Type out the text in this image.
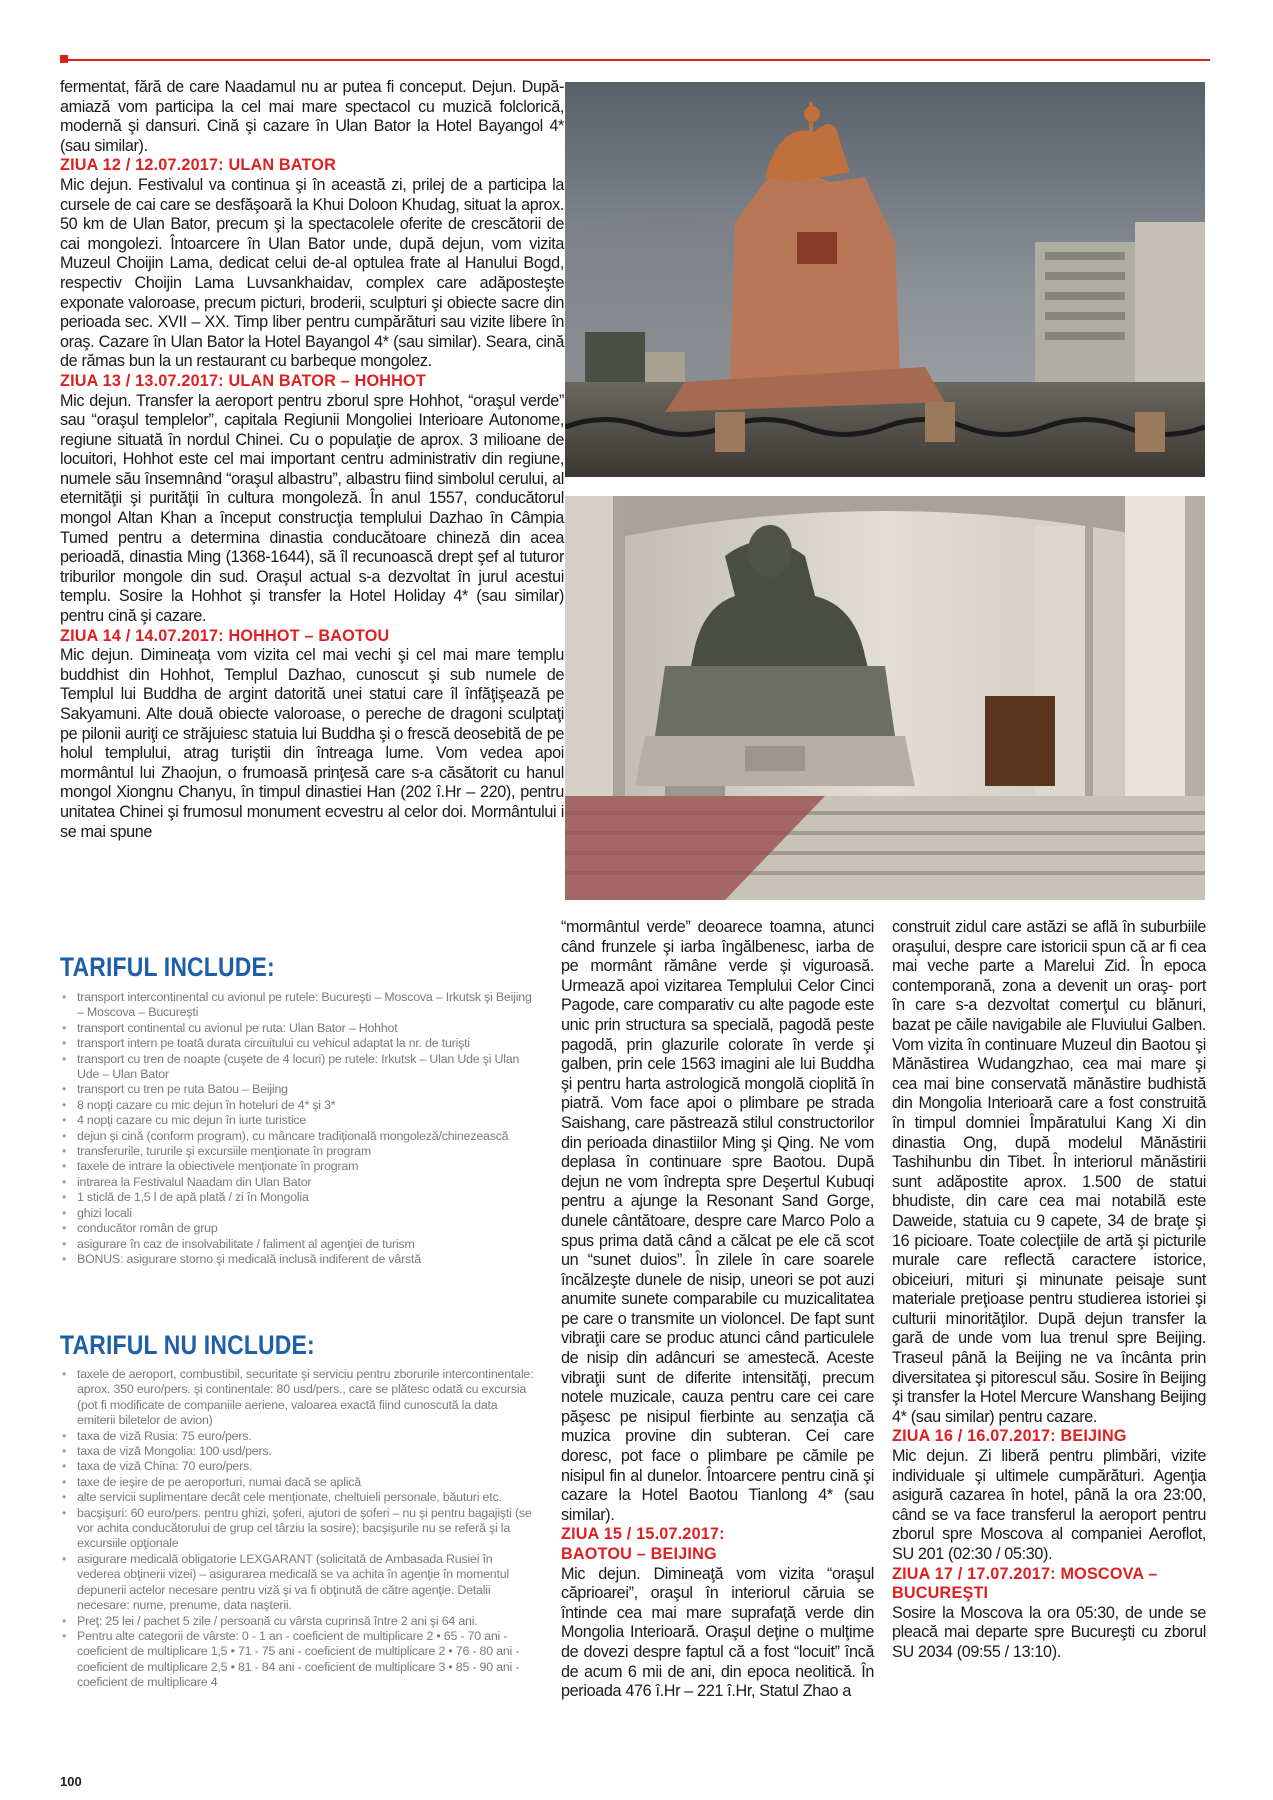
fermentat, fără de care Naadamul nu ar putea fi conceput. Dejun. După-amiază vom participa la cel mai mare spectacol cu muzică folclorică, modernă şi dansuri. Cină şi cazare în Ulan Bator la Hotel Bayangol 4* (sau similar).

ZIUA 12 / 12.07.2017: ULAN BATOR

Mic dejun. Festivalul va continua şi în această zi, prilej de a participa la cursele de cai care se desfăşoară la Khui Doloon Khudag, situat la aprox. 50 km de Ulan Bator, precum şi la spectacolele oferite de crescătorii de cai mongolezi. Întoarcere în Ulan Bator unde, după dejun, vom vizita Muzeul Choijin Lama, dedicat celui de-al optulea frate al Hanului Bogd, respectiv Choijin Lama Luvsankhaidav, complex care adăposteşte exponate valoroase, precum picturi, broderii, sculpturi şi obiecte sacre din perioada sec. XVII – XX. Timp liber pentru cumpărături sau vizite libere în oraş. Cazare în Ulan Bator la Hotel Bayangol 4* (sau similar). Seara, cină de rămas bun la un restaurant cu barbeque mongolez.

ZIUA 13 / 13.07.2017: ULAN BATOR – HOHHOT

Mic dejun. Transfer la aeroport pentru zborul spre Hohhot, “oraşul verde” sau “oraşul templelor”, capitala Regiunii Mongoliei Interioare Autonome, regiune situată în nordul Chinei. Cu o populaţie de aprox. 3 milioane de locuitori, Hohhot este cel mai important centru administrativ din regiune, numele său însemnând “oraşul albastru”, albastru fiind simbolul cerului, al eternităţii şi purităţii în cultura mongoleză. În anul 1557, conducătorul mongol Altan Khan a început construcţia templului Dazhao în Câmpia Tumed pentru a determina dinastia conducătoare chineză din acea perioadă, dinastia Ming (1368-1644), să îl recunoască drept şef al tuturor triburilor mongole din sud. Oraşul actual s-a dezvoltat în jurul acestui templu. Sosire la Hohhot şi transfer la Hotel Holiday 4* (sau similar) pentru cină şi cazare.

ZIUA 14 / 14.07.2017: HOHHOT – BAOTOU

Mic dejun. Dimineaţa vom vizita cel mai vechi şi cel mai mare templu buddhist din Hohhot, Templul Dazhao, cunoscut şi sub numele de Templul lui Buddha de argint datorită unei statui care îl înfăţişează pe Sakyamuni. Alte două obiecte valoroase, o pereche de dragoni sculptaţi pe pilonii auriţi ce străjuiesc statuia lui Buddha şi o frescă deosebită de pe holul templului, atrag turiştii din întreaga lume. Vom vedea apoi mormântul lui Zhaojun, o frumoasă prinţesă care s-a căsătorit cu hanul mongol Xiongnu Chanyu, în timpul dinastiei Han (202 î.Hr – 220), pentru unitatea Chinei şi frumosul monument ecvestru al celor doi. Mormântului i se mai spune

TARIFUL INCLUDE:
• transport intercontinental cu avionul pe rutele: Bucureşti – Moscova – Irkutsk şi Beijing – Moscova – Bucureşti
• transport continental cu avionul pe ruta: Ulan Bator – Hohhot
• transport intern pe toată durata circuitului cu vehicul adaptat la nr. de turişti
• transport cu tren de noapte (cuşete de 4 locuri) pe rutele: Irkutsk – Ulan Ude şi Ulan Ude – Ulan Bator
• transport cu tren pe ruta Batou – Beijing
• 8 nopţi cazare cu mic dejun în hoteluri de 4* şi 3*
• 4 nopţi cazare cu mic dejun în iurte turistice
• dejun şi cină (conform program), cu mâncare tradiţională mongoleză/chinezească
• transferurile, tururile şi excursiile menţionate în program
• taxele de intrare la obiectivele menţionate în program
• intrarea la Festivalul Naadam din Ulan Bator
• 1 sticlă de 1,5 l de apă plată / zi în Mongolia
• ghizi locali
• conducător român de grup
• asigurare în caz de insolvabilitate / faliment al agenţiei de turism
• BONUS: asigurare storno şi medicală inclusă indiferent de vârstă
TARIFUL NU INCLUDE:
• taxele de aeroport, combustibil, securitate şi serviciu pentru zborurile intercontinentale: aprox. 350 euro/pers. şi continentale: 80 usd/pers., care se plătesc odată cu excursia (pot fi modificate de companiile aeriene, valoarea exactă fiind cunoscută la data emiterii biletelor de avion)
• taxa de viză Rusia: 75 euro/pers.
• taxa de viză Mongolia: 100 usd/pers.
• taxa de viză China: 70 euro/pers.
• taxe de ieşire de pe aeroporturi, numai dacă se aplică
• alte servicii suplimentare decât cele menţionate, cheltuieli personale, băuturi etc.
• bacşişuri: 60 euro/pers. pentru ghizi, şoferi, ajutori de şoferi – nu şi pentru bagajişti (se vor achita conducătorului de grup cel târziu la sosire); bacşişurile nu se referă şi la excursiile opţionale
• asigurare medicală obligatorie LEXGARANT (solicitată de Ambasada Rusiei în vederea obţinerii vizei) – asigurarea medicală se va achita în agenţie în momentul depunerii actelor necesare pentru viză şi va fi obţinută de către agenţie. Detalii necesare: nume, prenume, data naşterii.
• Preţ: 25 lei / pachet 5 zile / persoană cu vârsta cuprinsă între 2 ani şi 64 ani.
• Pentru alte categorii de vârste: 0 - 1 an - coeficient de multiplicare 2 • 65 - 70 ani - coeficient de multiplicare 1,5 • 71 - 75 ani - coeficient de multiplicare 2 • 76 - 80 ani - coeficient de multiplicare 2,5 • 81 - 84 ani - coeficient de multiplicare 3 • 85 - 90 ani - coeficient de multiplicare 4

“mormântul verde” deoarece toamna, atunci când frunzele şi iarba îngălbenesc, iarba de pe mormânt rămâne verde şi viguroasă. Urmează apoi vizitarea Templului Celor Cinci Pagode, care comparativ cu alte pagode este unic prin structura sa specială, pagodă peste pagodă, prin glazurile colorate în verde şi galben, prin cele 1563 imagini ale lui Buddha şi pentru harta astrologică mongolă cioplită în piatră. Vom face apoi o plimbare pe strada Saishang, care păstrează stilul constructorilor din perioada dinastiilor Ming şi Qing. Ne vom deplasa în continuare spre Baotou. După dejun ne vom îndrepta spre Deşertul Kubuqi pentru a ajunge la Resonant Sand Gorge, dunele cântătoare, despre care Marco Polo a spus prima dată când a călcat pe ele că scot un “sunet duios”. În zilele în care soarele încălzeşte dunele de nisip, uneori se pot auzi anumite sunete comparabile cu muzicalitatea pe care o transmite un violoncel. De fapt sunt vibraţii care se produc atunci când particulele de nisip din adâncuri se amestecă. Aceste vibraţii sunt de diferite intensităţi, precum notele muzicale, cauza pentru care cei care păşesc pe nisipul fierbinte au senzaţia că muzica provine din subteran. Cei care doresc, pot face o plimbare pe cămile pe nisipul fin al dunelor. Întoarcere pentru cină şi cazare la Hotel Baotou Tianlong 4* (sau similar).

ZIUA 15 / 15.07.2017:

BAOTOU – BEIJING

Mic dejun. Dimineaţă vom vizita “oraşul căprioarei”, oraşul în interiorul căruia se întinde cea mai mare suprafaţă verde din Mongolia Interioară. Oraşul deţine o mulţime de dovezi despre faptul că a fost “locuit” încă de acum 6 mii de ani, din epoca neolitică. În perioada 476 î.Hr – 221 î.Hr, Statul Zhao a

construit zidul care astăzi se află în suburbiile oraşului, despre care istoricii spun că ar fi cea mai veche parte a Marelui Zid. În epoca contemporană, zona a devenit un oraş- port în care s-a dezvoltat comerţul cu blănuri, bazat pe căile navigabile ale Fluviului Galben. Vom vizita în continuare Muzeul din Baotou şi Mănăstirea Wudangzhao, cea mai mare şi cea mai bine conservată mănăstire budhistă din Mongolia Interioară care a fost construită în timpul domniei Împăratului Kang Xi din dinastia Ong, după modelul Mănăstirii Tashihunbu din Tibet. În interiorul mănăstirii sunt adăpostite aprox. 1.500 de statui bhudiste, din care cea mai notabilă este Daweide, statuia cu 9 capete, 34 de braţe şi 16 picioare. Toate colecţiile de artă şi picturile murale care reflectă caractere istorice, obiceiuri, mituri şi minunate peisaje sunt materiale preţioase pentru studierea istoriei şi culturii minorităţilor. După dejun transfer la gară de unde vom lua trenul spre Beijing. Traseul până la Beijing ne va încânta prin diversitatea şi pitorescul său. Sosire în Beijing şi transfer la Hotel Mercure Wanshang Beijing 4* (sau similar) pentru cazare.

ZIUA 16 / 16.07.2017: BEIJING

Mic dejun. Zi liberă pentru plimbări, vizite individuale şi ultimele cumpărături. Agenţia asigură cazarea în hotel, până la ora 23:00, când se va face transferul la aeroport pentru zborul spre Moscova al companiei Aeroflot, SU 201 (02:30 / 05:30).

ZIUA 17 / 17.07.2017: MOSCOVA –

BUCUREŞTI

Sosire la Moscova la ora 05:30, de unde se pleacă mai departe spre Bucureşti cu zborul SU 2034 (09:55 / 13:10).

100
